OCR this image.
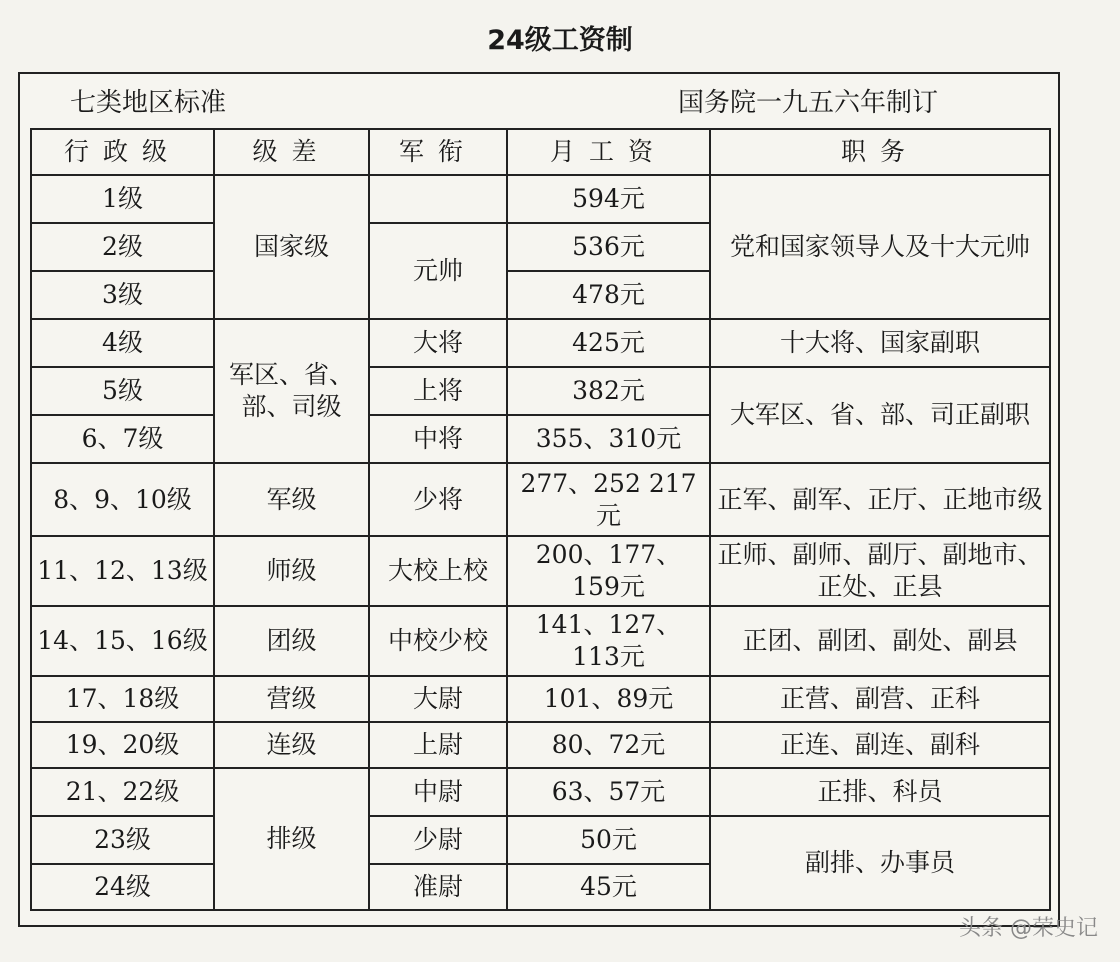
24级工资制
七类地区标准	国务院一九五六年制订
行政级	级差	军衔	月工资	职务
1级	国家级		594元	党和国家领导人及十大元帅
2级		元帅	536元	
3级			478元	
4级	军区、省、部、司级	大将	425元	十大将、国家副职
5级		上将	382元	大军区、省、部、司正副职
6、7级		中将	355、310元	
8、9、10级	军级	少将	277、252 217元	正军、副军、正厅、正地市级
11、12、13级	师级	大校上校	200、177、159元	正师、副师、副厅、副地市、正处、正县
14、15、16级	团级	中校少校	141、127、113元	正团、副团、副处、副县
17、18级	营级	大尉	101、89元	正营、副营、正科
19、20级	连级	上尉	80、72元	正连、副连、副科
21、22级	排级	中尉	63、57元	正排、科员
23级		少尉	50元	副排、办事员
24级		准尉	45元	
头条 @荣史记
